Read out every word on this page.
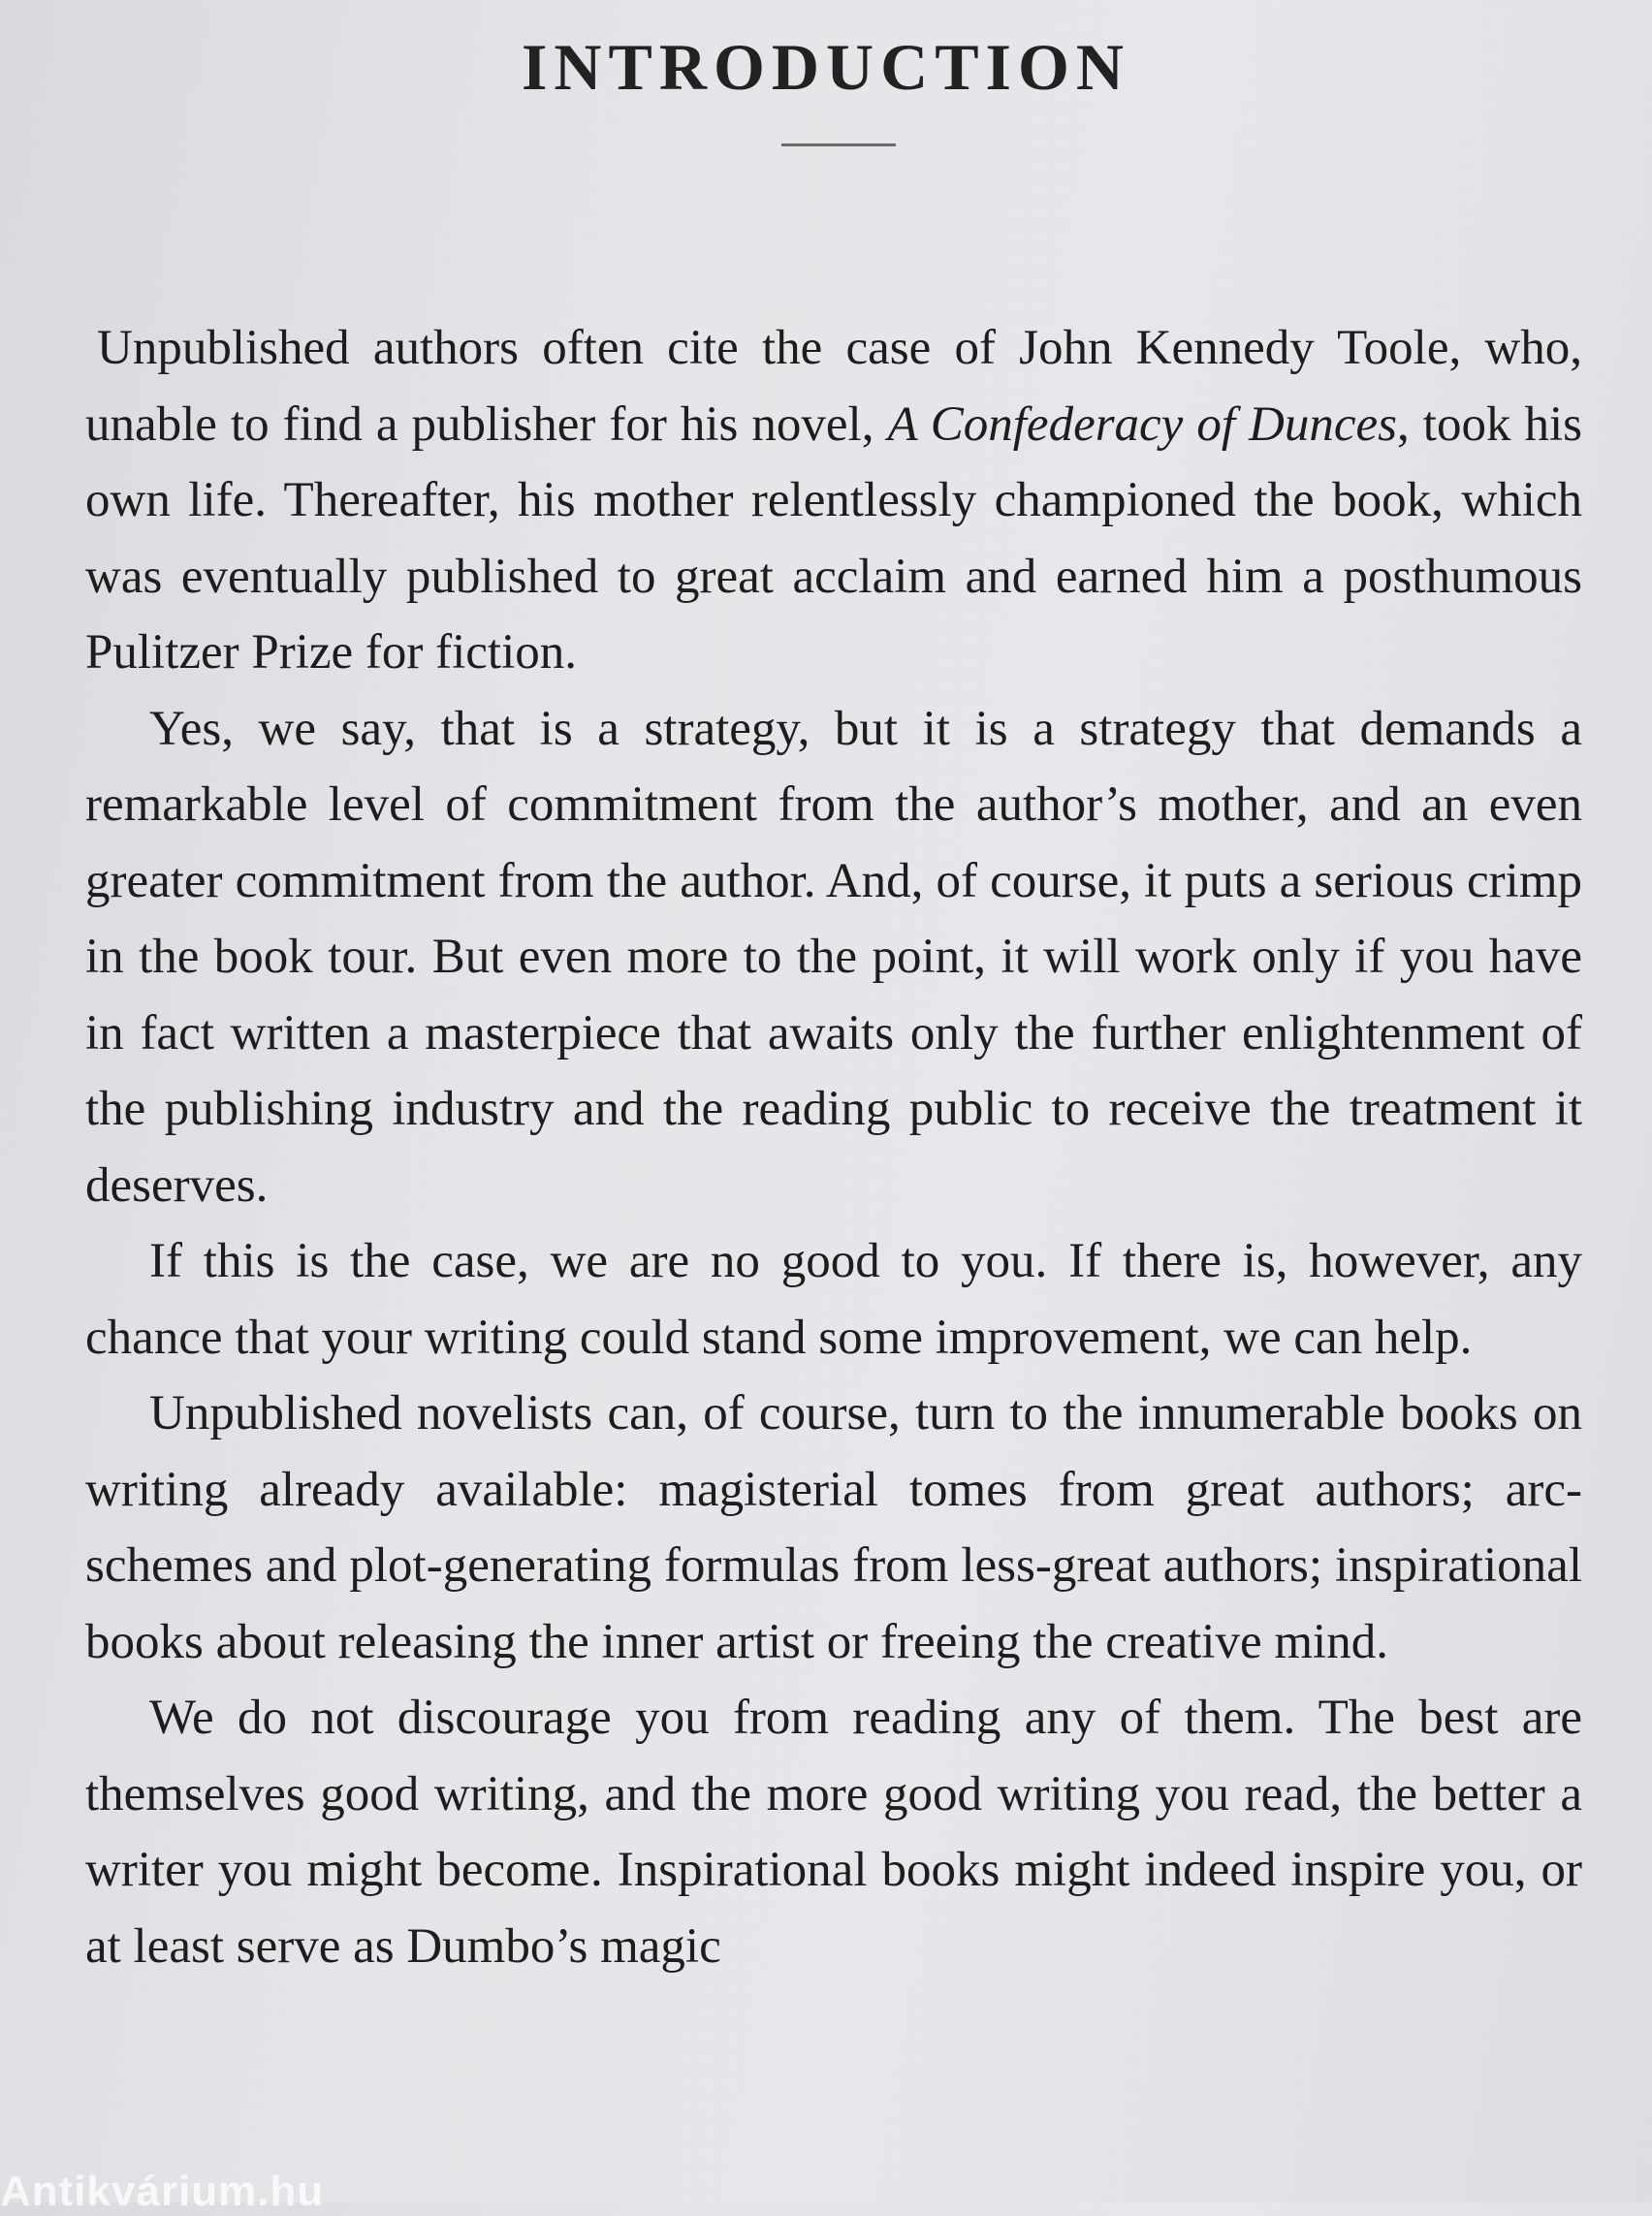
INTRODUCTION

Unpublished authors often cite the case of John Kennedy Toole, who, unable to find a publisher for his novel, A Confederacy of Dunces, took his own life. Thereafter, his mother relentlessly championed the book, which was eventually published to great acclaim and earned him a posthumous Pulitzer Prize for fiction.

Yes, we say, that is a strategy, but it is a strategy that demands a remarkable level of commitment from the author’s mother, and an even greater commitment from the author. And, of course, it puts a serious crimp in the book tour. But even more to the point, it will work only if you have in fact written a masterpiece that awaits only the further enlightenment of the publishing industry and the reading public to receive the treatment it deserves.

If this is the case, we are no good to you. If there is, however, any chance that your writing could stand some improvement, we can help.

Unpublished novelists can, of course, turn to the innumerable books on writing already available: magisterial tomes from great authors; arc-schemes and plot-generating formulas from less-great authors; inspirational books about releasing the inner artist or freeing the creative mind.

We do not discourage you from reading any of them. The best are themselves good writing, and the more good writing you read, the better a writer you might become. Inspirational books might indeed inspire you, or at least serve as Dumbo’s magic

Antikvárium.hu
